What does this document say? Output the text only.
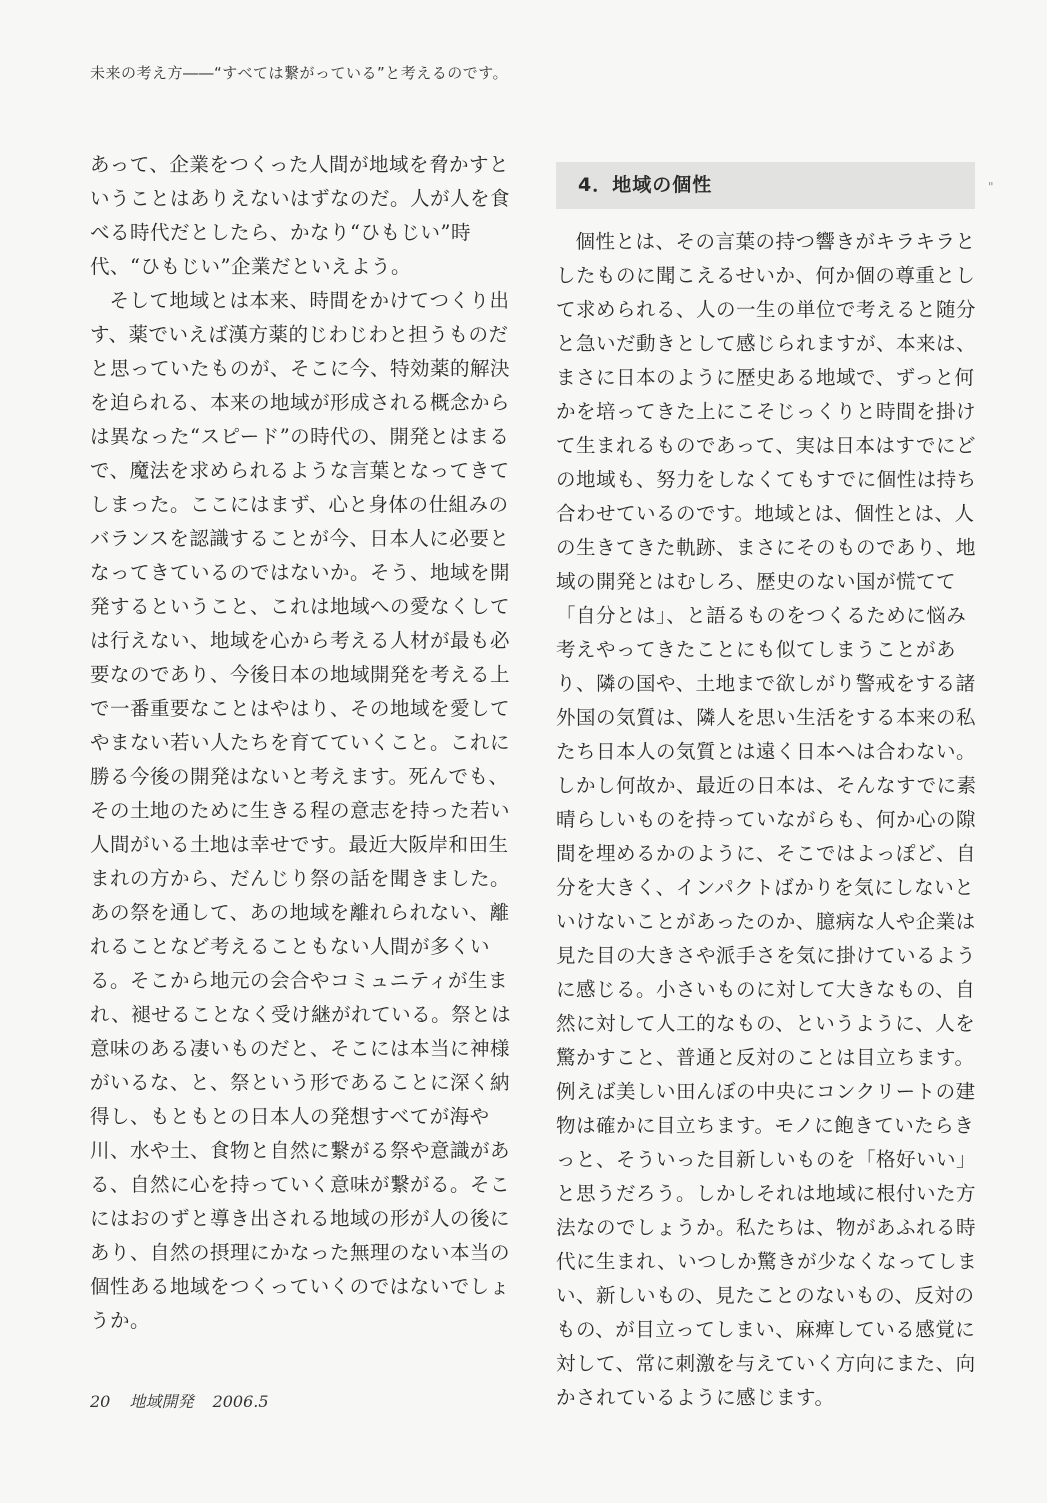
未来の考え方――“すべては繋がっている”と考えるのです。

あって、企業をつくった人間が地域を脅かすということはありえないはずなのだ。人が人を食べる時代だとしたら、かなり“ひもじい”時代、“ひもじい”企業だといえよう。

そして地域とは本来、時間をかけてつくり出す、薬でいえば漢方薬的じわじわと担うものだと思っていたものが、そこに今、特効薬的解決を迫られる、本来の地域が形成される概念からは異なった“スピード”の時代の、開発とはまるで、魔法を求められるような言葉となってきてしまった。ここにはまず、心と身体の仕組みのバランスを認識することが今、日本人に必要となってきているのではないか。そう、地域を開発するということ、これは地域への愛なくしては行えない、地域を心から考える人材が最も必要なのであり、今後日本の地域開発を考える上で一番重要なことはやはり、その地域を愛してやまない若い人たちを育てていくこと。これに勝る今後の開発はないと考えます。死んでも、その土地のために生きる程の意志を持った若い人間がいる土地は幸せです。最近大阪岸和田生まれの方から、だんじり祭の話を聞きました。あの祭を通して、あの地域を離れられない、離れることなど考えることもない人間が多くいる。そこから地元の会合やコミュニティが生まれ、褪せることなく受け継がれている。祭とは意味のある凄いものだと、そこには本当に神様がいるな、と、祭という形であることに深く納得し、もともとの日本人の発想すべてが海や川、水や土、食物と自然に繋がる祭や意識がある、自然に心を持っていく意味が繋がる。そこにはおのずと導き出される地域の形が人の後にあり、自然の摂理にかなった無理のない本当の個性ある地域をつくっていくのではないでしょうか。

4．地域の個性

個性とは、その言葉の持つ響きがキラキラとしたものに聞こえるせいか、何か個の尊重として求められる、人の一生の単位で考えると随分と急いだ動きとして感じられますが、本来は、まさに日本のように歴史ある地域で、ずっと何かを培ってきた上にこそじっくりと時間を掛けて生まれるものであって、実は日本はすでにどの地域も、努力をしなくてもすでに個性は持ち合わせているのです。地域とは、個性とは、人の生きてきた軌跡、まさにそのものであり、地域の開発とはむしろ、歴史のない国が慌てて「自分とは」、と語るものをつくるために悩み考えやってきたことにも似てしまうことがあり、隣の国や、土地まで欲しがり警戒をする諸外国の気質は、隣人を思い生活をする本来の私たち日本人の気質とは遠く日本へは合わない。しかし何故か、最近の日本は、そんなすでに素晴らしいものを持っていながらも、何か心の隙間を埋めるかのように、そこではよっぽど、自分を大きく、インパクトばかりを気にしないといけないことがあったのか、臆病な人や企業は見た目の大きさや派手さを気に掛けているように感じる。小さいものに対して大きなもの、自然に対して人工的なもの、というように、人を驚かすこと、普通と反対のことは目立ちます。例えば美しい田んぼの中央にコンクリートの建物は確かに目立ちます。モノに飽きていたらきっと、そういった目新しいものを「格好いい」と思うだろう。しかしそれは地域に根付いた方法なのでしょうか。私たちは、物があふれる時代に生まれ、いつしか驚きが少なくなってしまい、新しいもの、見たことのないもの、反対のもの、が目立ってしまい、麻痺している感覚に対して、常に刺激を与えていく方向にまた、向かされているように感じます。

"
20 地域開発 2006.5
